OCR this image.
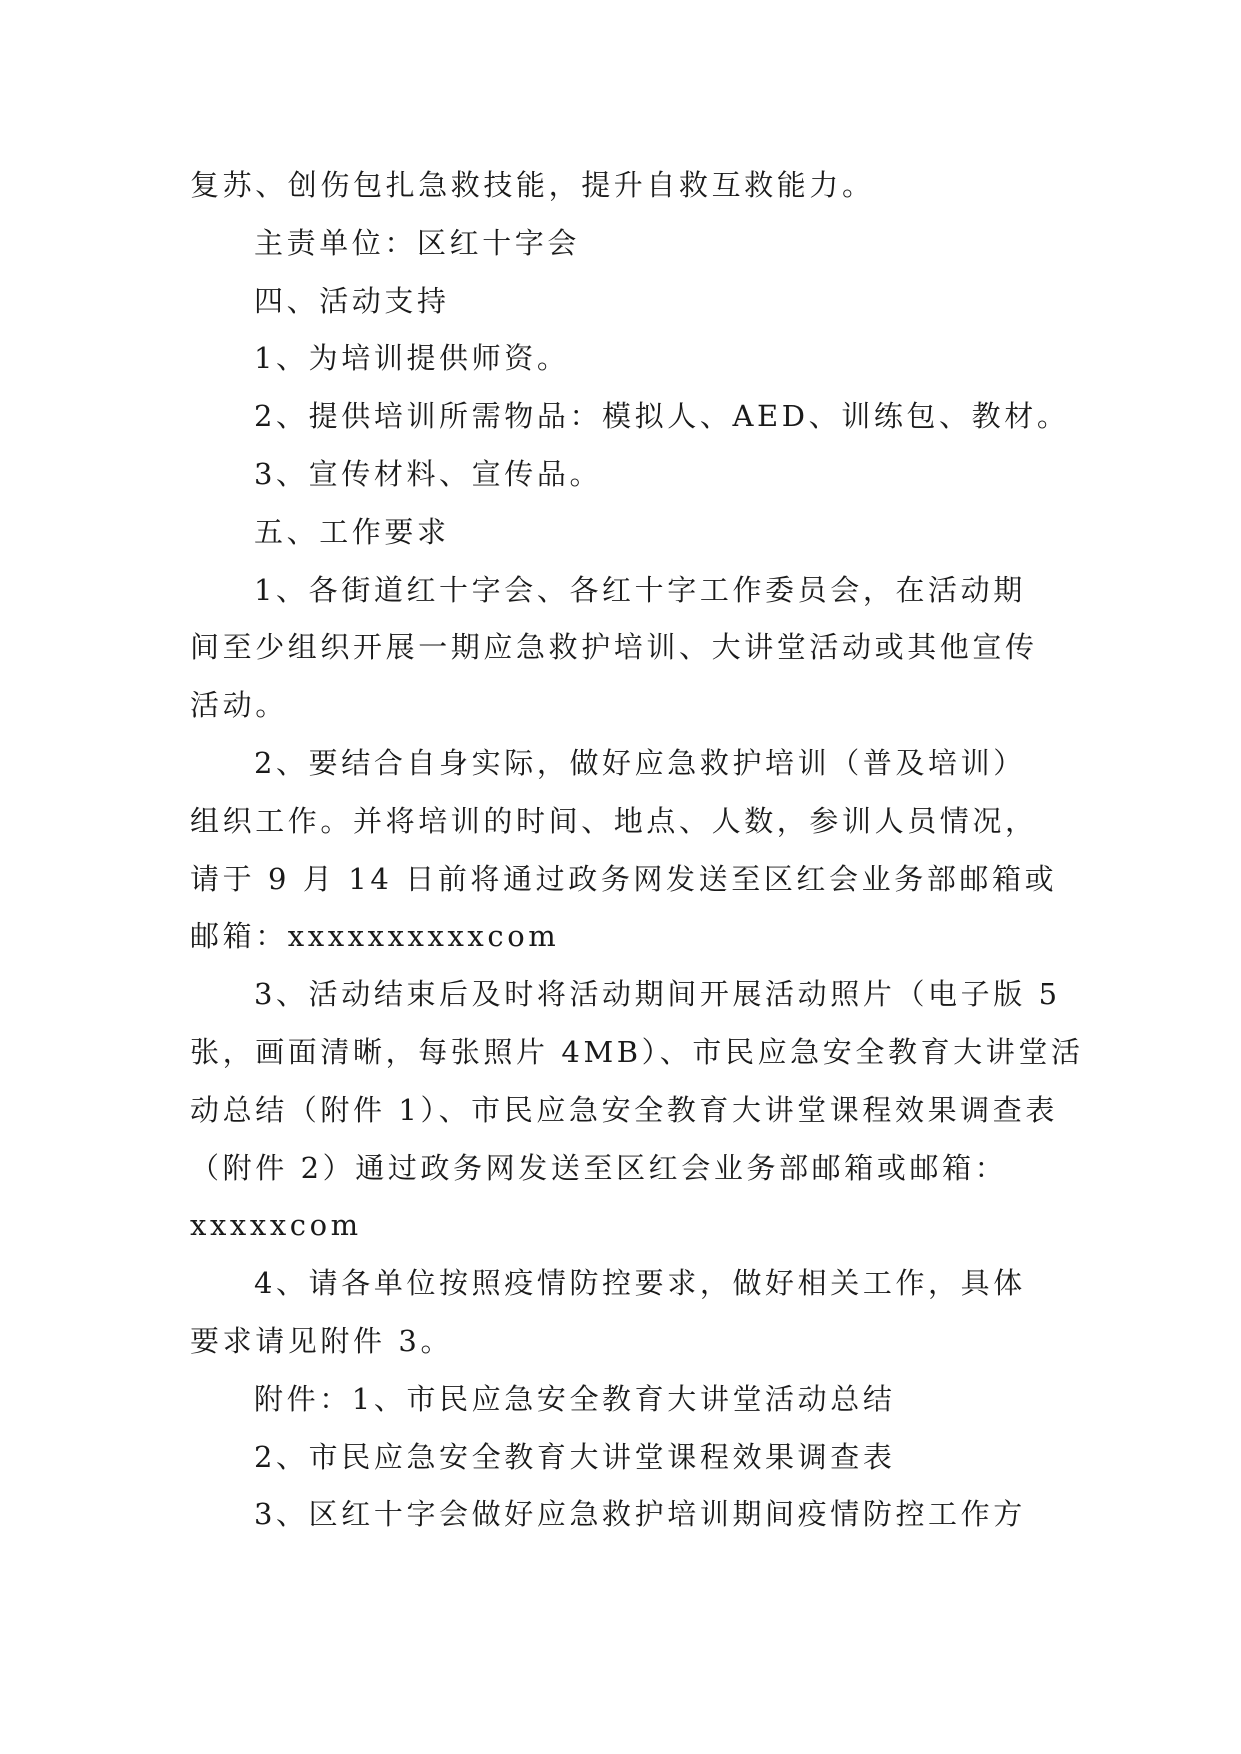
复苏、创伤包扎急救技能，提升自救互救能力。
主责单位：区红十字会
四、活动支持
1、为培训提供师资。
2、提供培训所需物品：模拟人、AED、训练包、教材。
3、宣传材料、宣传品。
五、工作要求
1、各街道红十字会、各红十字工作委员会，在活动期
间至少组织开展一期应急救护培训、大讲堂活动或其他宣传
活动。
2、要结合自身实际，做好应急救护培训（普及培训）
组织工作。并将培训的时间、地点、人数，参训人员情况，
请于 9 月 14 日前将通过政务网发送至区红会业务部邮箱或
邮箱：xxxxxxxxxxcom
3、活动结束后及时将活动期间开展活动照片（电子版 5
张，画面清晰，每张照片 4MB）、市民应急安全教育大讲堂活
动总结（附件 1）、市民应急安全教育大讲堂课程效果调查表
（附件 2）通过政务网发送至区红会业务部邮箱或邮箱：
xxxxxcom
4、请各单位按照疫情防控要求，做好相关工作，具体
要求请见附件 3。
附件：1、市民应急安全教育大讲堂活动总结
2、市民应急安全教育大讲堂课程效果调查表
3、区红十字会做好应急救护培训期间疫情防控工作方
